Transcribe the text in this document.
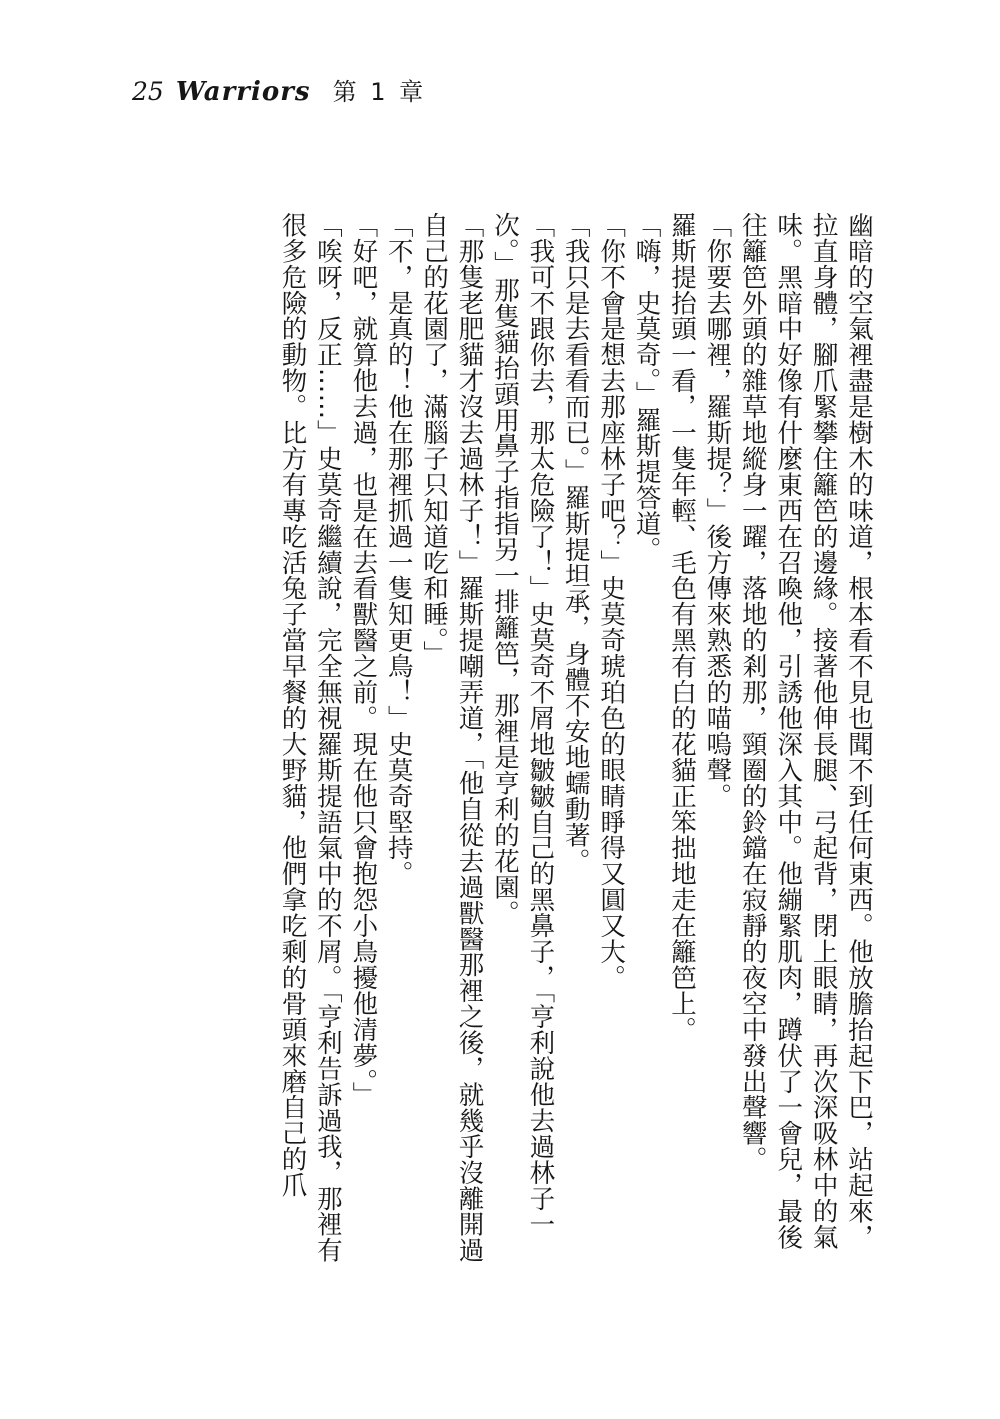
25 Warriors 第 1 章

幽暗的空氣裡盡是樹木的味道，根本看不見也聞不到任何東西。他放膽抬起下巴，站起來，拉直身體，腳爪緊攀住籬笆的邊緣。接著他伸長腿、弓起背，閉上眼睛，再次深吸林中的氣味。黑暗中好像有什麼東西在召喚他，引誘他深入其中。他繃緊肌肉，蹲伏了一會兒，最後往籬笆外頭的雜草地縱身一躍，落地的剎那，頸圈的鈴鐺在寂靜的夜空中發出聲響。

「你要去哪裡，羅斯提？」後方傳來熟悉的喵嗚聲。

羅斯提抬頭一看，一隻年輕、毛色有黑有白的花貓正笨拙地走在籬笆上。

「嗨，史莫奇。」羅斯提答道。

「你不會是想去那座林子吧？」史莫奇琥珀色的眼睛睜得又圓又大。

「我只是去看看而已。」羅斯提坦承，身體不安地蠕動著。

「我可不跟你去，那太危險了！」史莫奇不屑地皺皺自己的黑鼻子，「亨利說他去過林子一次。」那隻貓抬頭用鼻子指指另一排籬笆，那裡是亨利的花園。

「那隻老肥貓才沒去過林子！」羅斯提嘲弄道，「他自從去過獸醫那裡之後，就幾乎沒離開過自己的花園了，滿腦子只知道吃和睡。」

「不，是真的！他在那裡抓過一隻知更鳥！」史莫奇堅持。

「好吧，就算他去過，也是在去看獸醫之前。現在他只會抱怨小鳥擾他清夢。」

「唉呀，反正……」史莫奇繼續說，完全無視羅斯提語氣中的不屑。「亨利告訴過我，那裡有很多危險的動物。比方有專吃活兔子當早餐的大野貓，他們拿吃剩的骨頭來磨自己的爪
